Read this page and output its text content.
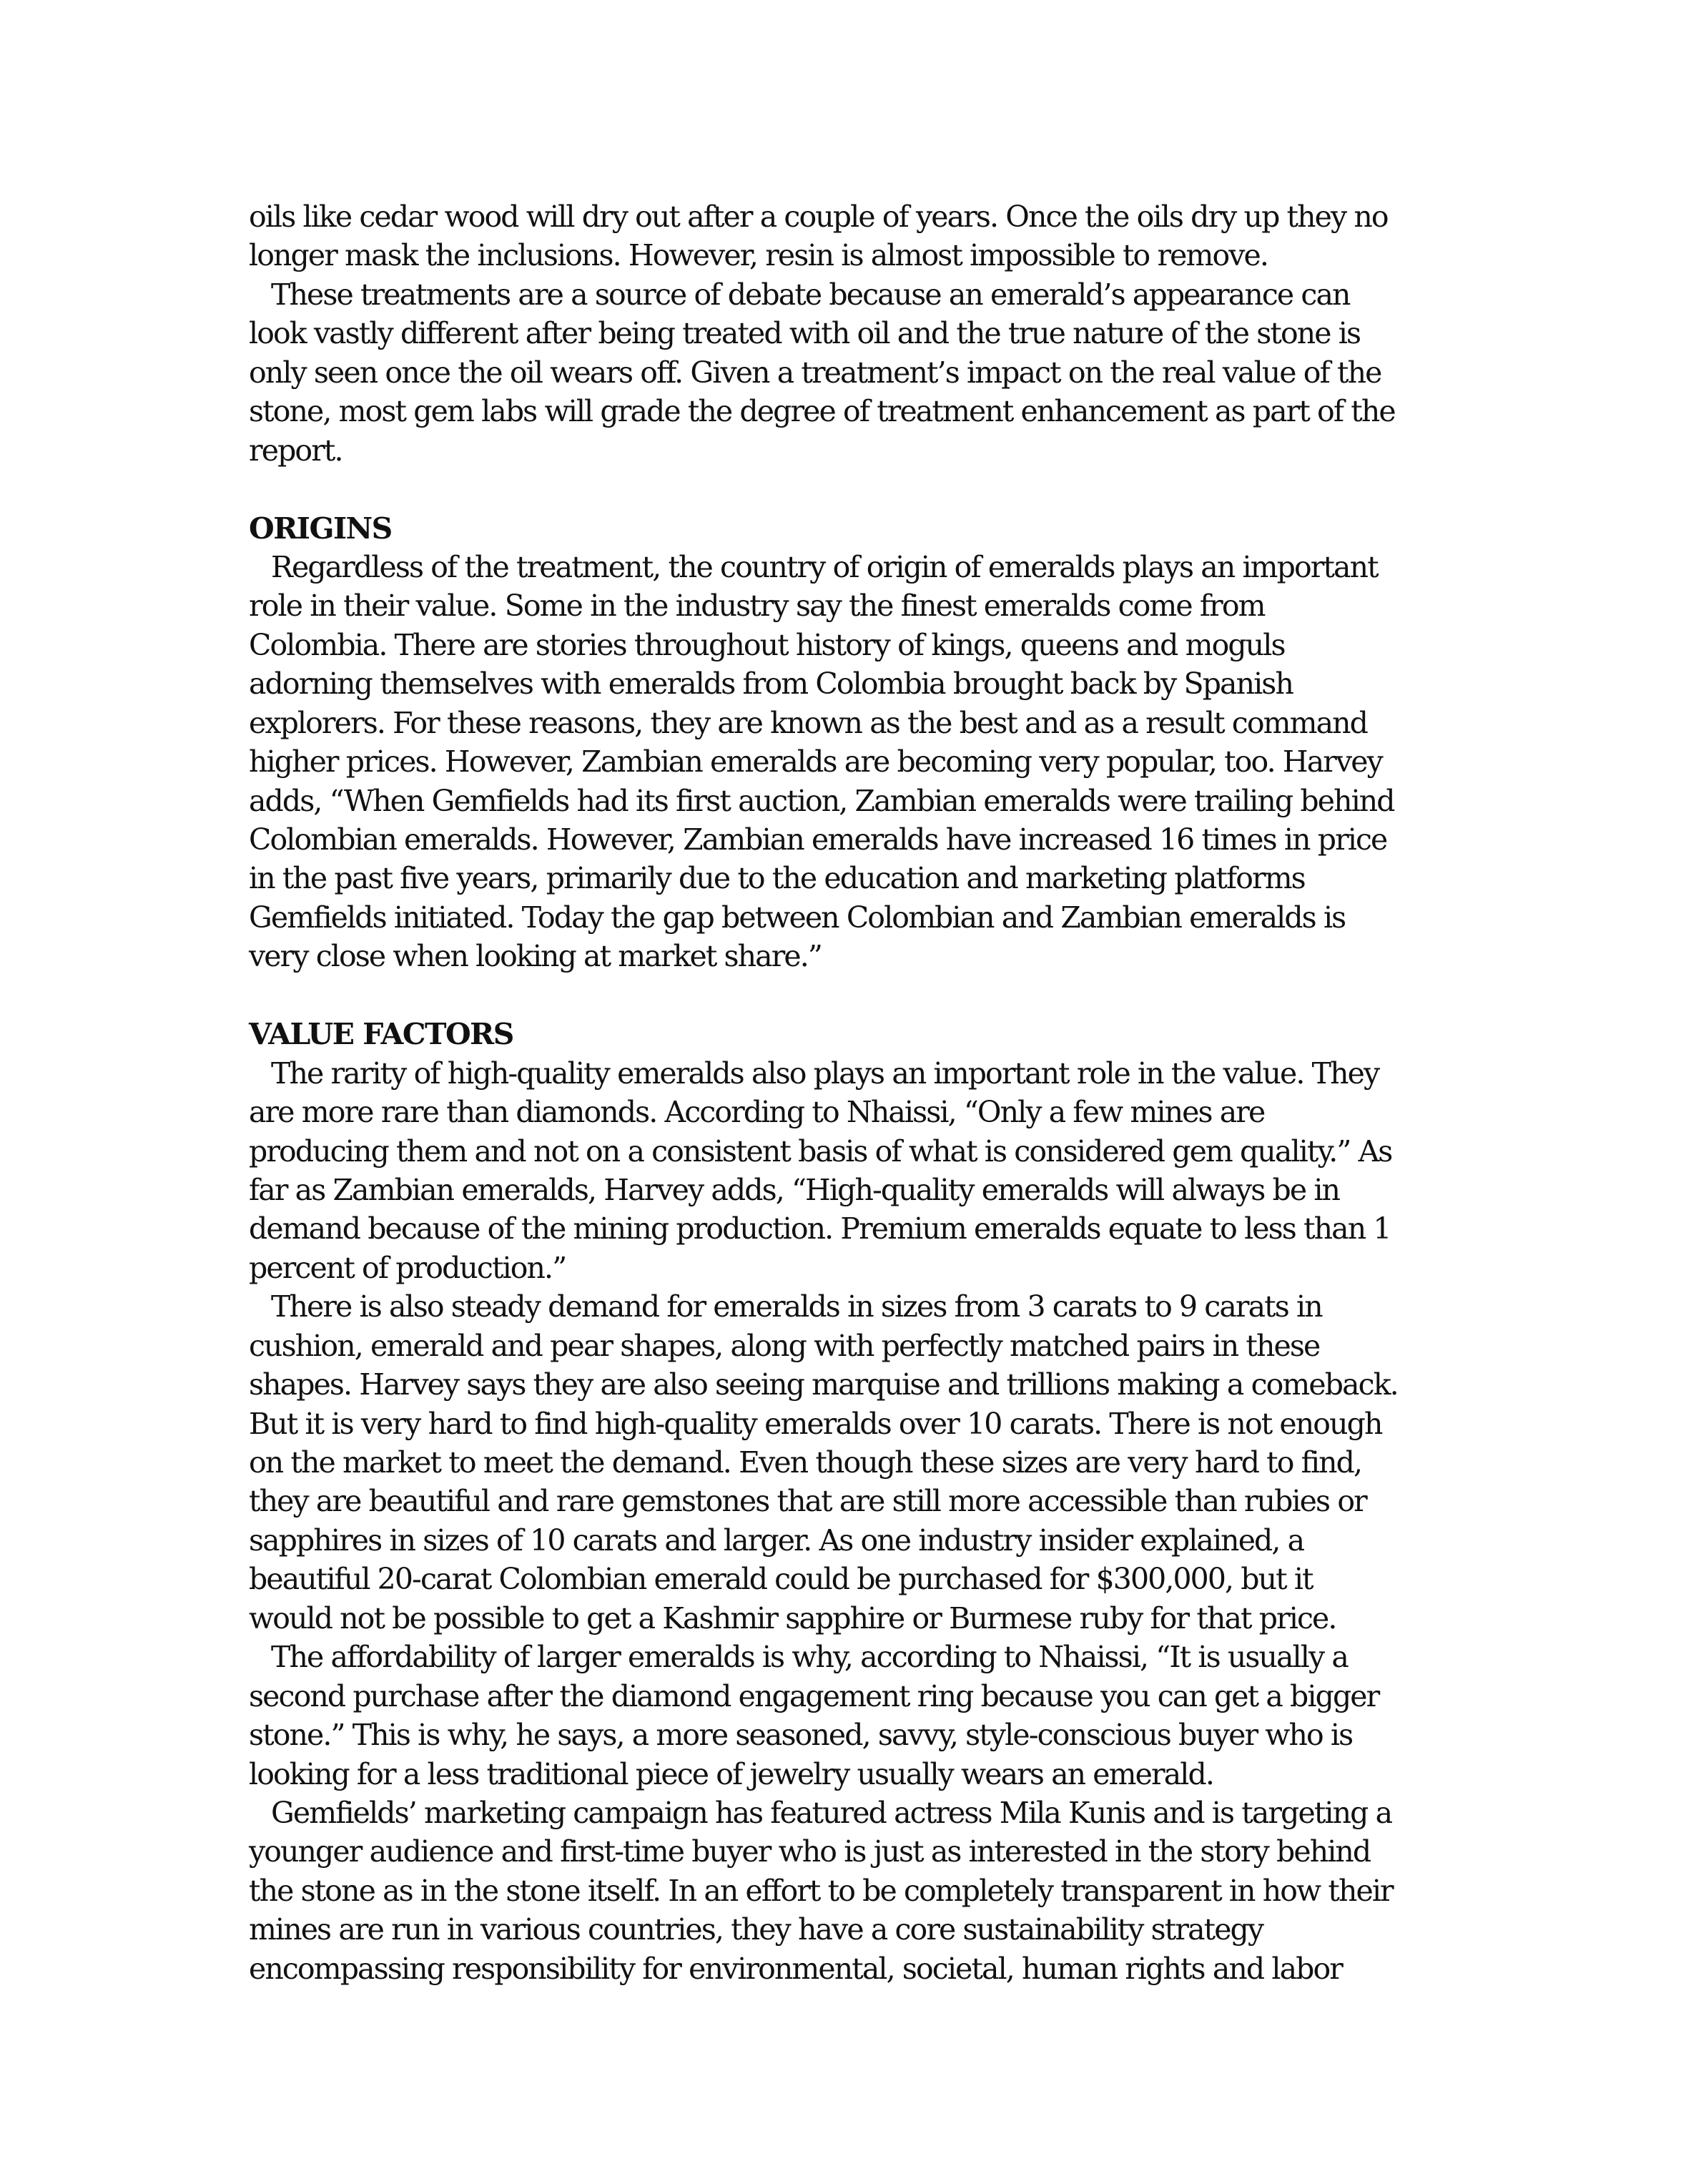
oils like cedar wood will dry out after a couple of years. Once the oils dry up they no
longer mask the inclusions. However, resin is almost impossible to remove.
These treatments are a source of debate because an emerald’s appearance can
look vastly different after being treated with oil and the true nature of the stone is
only seen once the oil wears off. Given a treatment’s impact on the real value of the
stone, most gem labs will grade the degree of treatment enhancement as part of the
report.
ORIGINS
Regardless of the treatment, the country of origin of emeralds plays an important
role in their value. Some in the industry say the finest emeralds come from
Colombia. There are stories throughout history of kings, queens and moguls
adorning themselves with emeralds from Colombia brought back by Spanish
explorers. For these reasons, they are known as the best and as a result command
higher prices. However, Zambian emeralds are becoming very popular, too. Harvey
adds, “When Gemfields had its first auction, Zambian emeralds were trailing behind
Colombian emeralds. However, Zambian emeralds have increased 16 times in price
in the past five years, primarily due to the education and marketing platforms
Gemfields initiated. Today the gap between Colombian and Zambian emeralds is
very close when looking at market share.”
VALUE FACTORS
The rarity of high-quality emeralds also plays an important role in the value. They
are more rare than diamonds. According to Nhaissi, “Only a few mines are
producing them and not on a consistent basis of what is considered gem quality.” As
far as Zambian emeralds, Harvey adds, “High-quality emeralds will always be in
demand because of the mining production. Premium emeralds equate to less than 1
percent of production.”
There is also steady demand for emeralds in sizes from 3 carats to 9 carats in
cushion, emerald and pear shapes, along with perfectly matched pairs in these
shapes. Harvey says they are also seeing marquise and trillions making a comeback.
But it is very hard to find high-quality emeralds over 10 carats. There is not enough
on the market to meet the demand. Even though these sizes are very hard to find,
they are beautiful and rare gemstones that are still more accessible than rubies or
sapphires in sizes of 10 carats and larger. As one industry insider explained, a
beautiful 20-carat Colombian emerald could be purchased for $300,000, but it
would not be possible to get a Kashmir sapphire or Burmese ruby for that price.
The affordability of larger emeralds is why, according to Nhaissi, “It is usually a
second purchase after the diamond engagement ring because you can get a bigger
stone.” This is why, he says, a more seasoned, savvy, style-conscious buyer who is
looking for a less traditional piece of jewelry usually wears an emerald.
Gemfields’ marketing campaign has featured actress Mila Kunis and is targeting a
younger audience and first-time buyer who is just as interested in the story behind
the stone as in the stone itself. In an effort to be completely transparent in how their
mines are run in various countries, they have a core sustainability strategy
encompassing responsibility for environmental, societal, human rights and labor
